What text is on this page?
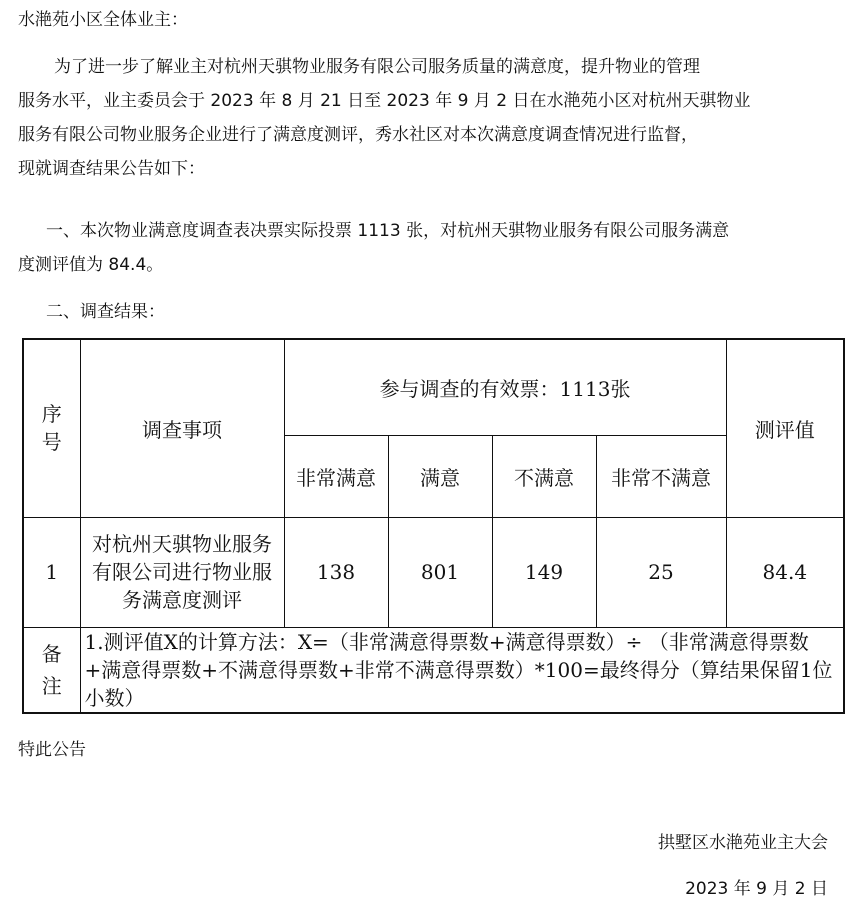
水滟苑小区全体业主：

为了进一步了解业主对杭州天骐物业服务有限公司服务质量的满意度，提升物业的管理
服务水平，业主委员会于 2023 年 8 月 21 日至 2023 年 9 月 2 日在水滟苑小区对杭州天骐物业
服务有限公司物业服务企业进行了满意度测评，秀水社区对本次满意度调查情况进行监督，
现就调查结果公告如下：

一、本次物业满意度调查表决票实际投票 1113 张，对杭州天骐物业服务有限公司服务满意
度测评值为 84.4。

二、调查结果：

序号	调查事项	参与调查的有效票：1113张				测评值
		非常满意	满意	不满意	非常不满意	
1	对杭州天骐物业服务有限公司进行物业服务满意度测评	138	801	149	25	84.4
备注	1.测评值X的计算方法：X=（非常满意得票数+满意得票数）÷ （非常满意得票数+满意得票数+不满意得票数+非常不满意得票数）*100=最终得分（算结果保留1位小数）					
特此公告
拱墅区水滟苑业主大会
2023 年 9 月 2 日
